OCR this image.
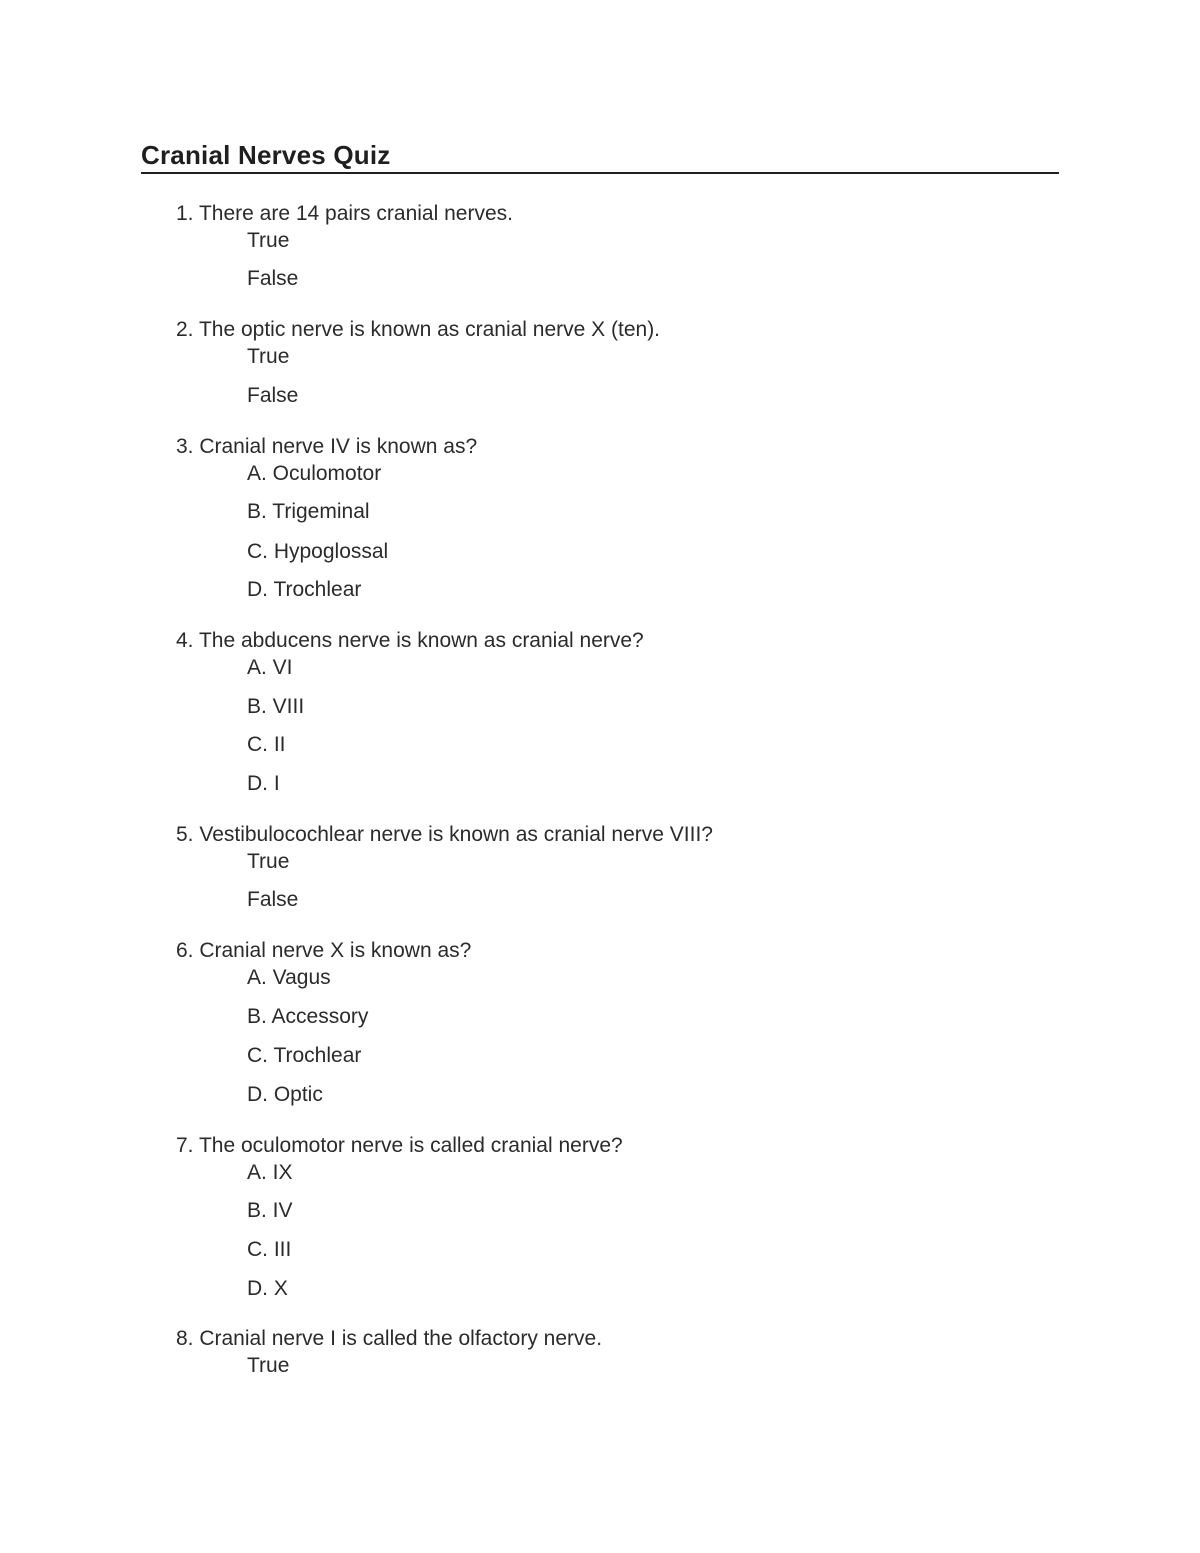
Cranial Nerves Quiz
1. There are 14 pairs cranial nerves.
True
False
2. The optic nerve is known as cranial nerve X (ten).
True
False
3. Cranial nerve IV is known as?
A. Oculomotor
B. Trigeminal
C. Hypoglossal
D. Trochlear
4. The abducens nerve is known as cranial nerve?
A. VI
B. VIII
C. II
D. I
5. Vestibulocochlear nerve is known as cranial nerve VIII?
True
False
6. Cranial nerve X is known as?
A. Vagus
B. Accessory
C. Trochlear
D. Optic
7. The oculomotor nerve is called cranial nerve?
A. IX
B. IV
C. III
D. X
8. Cranial nerve I is called the olfactory nerve.
True
